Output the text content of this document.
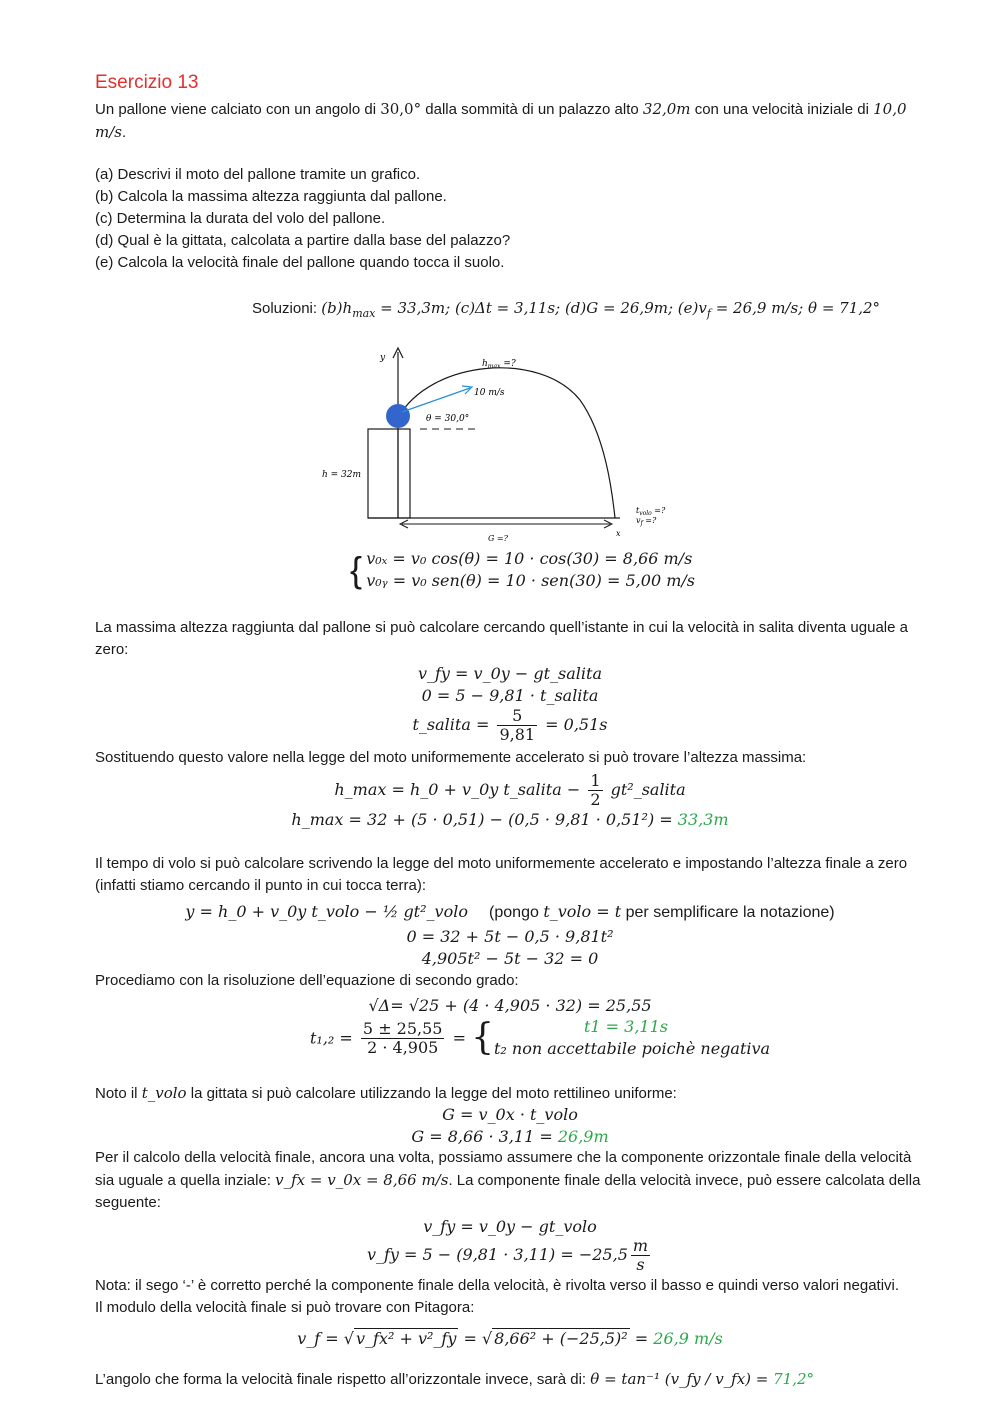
Esercizio 13

Un pallone viene calciato con un angolo di 30,0° dalla sommità di un palazzo alto 32,0m con una velocità iniziale di 10,0 m/s.

(a) Descrivi il moto del pallone tramite un grafico.

(b) Calcola la massima altezza raggiunta dal pallone.

(c) Determina la durata del volo del pallone.

(d) Qual è la gittata, calcolata a partire dalla base del palazzo?

(e) Calcola la velocità finale del pallone quando tocca il suolo.

Soluzioni: $(b)h_{max} = 33,3m$; (c)Δt = 3,11s; (d)G = 26,9m; $(e)v_f = 26,9$ m/s; θ = 71,2°
y
h = 32m
10 m/s
$h_{max}$ =?
θ = 30,0°
G =?
x
$t_{volo}$ =?
$v_f$ =?
{ v₀ₓ = v₀ cos(θ) = 10 · cos(30) = 8,66 m/s
v₀ᵧ = v₀ sen(θ) = 10 · sen(30) = 5,00 m/s

La massima altezza raggiunta dal pallone si può calcolare cercando quell’istante in cui la velocità in salita diventa uguale a zero:

v_fy = v_0y − gt_salita
0 = 5 − 9,81 · t_salita
t_salita = $\frac{5}{9,81} = 0,51s$

Sostituendo questo valore nella legge del moto uniformemente accelerato si può trovare l’altezza massima:

h_max = h_0 + v_0y t_salita − $\frac{1}{2}$ gt²_salita
h_max = 32 + (5 · 0,51) − (0,5 · 9,81 · 0,51²) = 33,3m

Il tempo di volo si può calcolare scrivendo la legge del moto uniformemente accelerato e impostando l’altezza finale a zero (infatti stiamo cercando il punto in cui tocca terra):

y = h_0 + v_0y t_volo − ½ gt²_volo (pongo t_volo = t per semplificare la notazione)
0 = 32 + 5t − 0,5 · 9,81t²
4,905t² − 5t − 32 = 0

Procediamo con la risoluzione dell’equazione di secondo grado:

√Δ= √25 + (4 · 4,905 · 32) = 25,55
$t_1,_2 = \frac{5 \pm 25,55}{2 \cdot 4,905}$ = {	t1 = 3,11s
t₂ non accettabile poichè negativa

Noto il t_volo la gittata si può calcolare utilizzando la legge del moto rettilineo uniforme:

G = v_0x · t_volo
G = 8,66 · 3,11 = 26,9m

Per il calcolo della velocità finale, ancora una volta, possiamo assumere che la componente orizzontale finale della velocità sia uguale a quella inziale: v_fx = v_0x = 8,66 m/s. La componente finale della velocità invece, può essere calcolata della seguente:

v_fy = v_0y − gt_volo
v_fy = $5 - (9,81 \cdot 3,11) = -25,5 \frac{m}{s}$

Nota: il sego ‘-’ è corretto perché la componente finale della velocità, è rivolta verso il basso e quindi verso valori negativi.

Il modulo della velocità finale si può trovare con Pitagora:

v_f = √ v_fx² + v²_fy = √ 8,66² + (−25,5)² = 26,9 m/s

L’angolo che forma la velocità finale rispetto all’orizzontale invece, sarà di: θ = tan⁻¹ (v_fy / v_fx) = 71,2°
